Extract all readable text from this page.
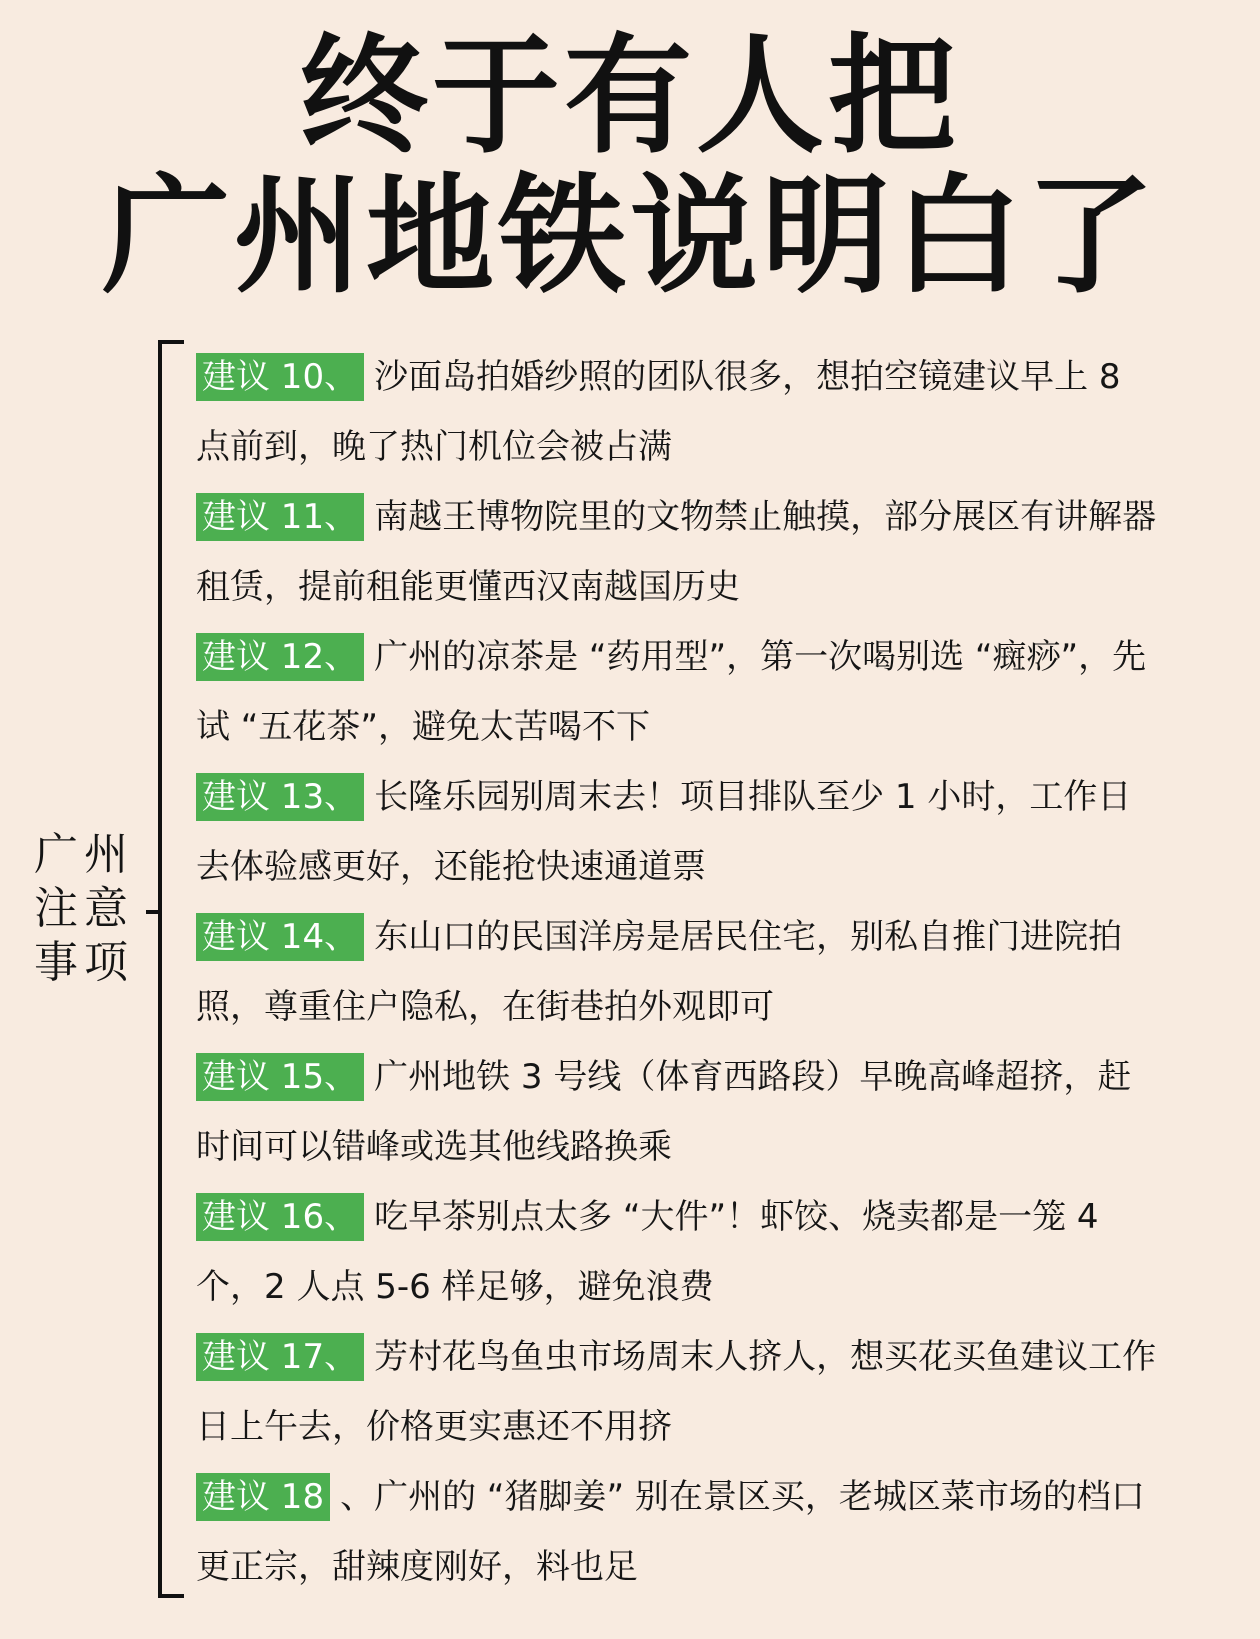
终于有人把
广州地铁说明白了
广州
注意
事项
建议 10、 沙面岛拍婚纱照的团队很多，想拍空镜建议早上 8 点前到，晚了热门机位会被占满
建议 11、 南越王博物院里的文物禁止触摸，部分展区有讲解器租赁，提前租能更懂西汉南越国历史
建议 12、 广州的凉茶是 “药用型”，第一次喝别选 “癍痧”，先试 “五花茶”，避免太苦喝不下
建议 13、 长隆乐园别周末去！项目排队至少 1 小时，工作日去体验感更好，还能抢快速通道票
建议 14、 东山口的民国洋房是居民住宅，别私自推门进院拍照，尊重住户隐私，在街巷拍外观即可
建议 15、 广州地铁 3 号线（体育西路段）早晚高峰超挤，赶时间可以错峰或选其他线路换乘
建议 16、 吃早茶别点太多 “大件”！虾饺、烧卖都是一笼 4 个，2 人点 5-6 样足够，避免浪费
建议 17、 芳村花鸟鱼虫市场周末人挤人，想买花买鱼建议工作日上午去，价格更实惠还不用挤
建议 18 、广州的 “猪脚姜” 别在景区买，老城区菜市场的档口更正宗，甜辣度刚好，料也足
